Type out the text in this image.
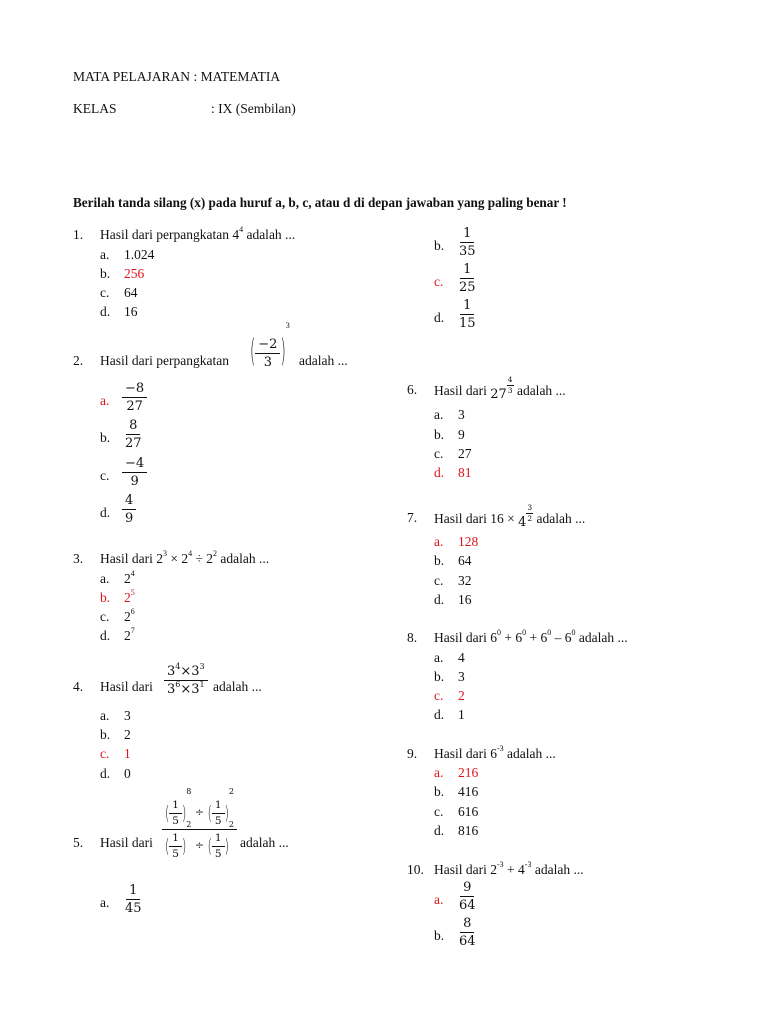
MATA PELAJARAN : MATEMATIA
KELAS	: IX (Sembilan)
Berilah tanda silang (x) pada huruf a, b, c, atau d di depan jawaban yang paling benar !
1. Hasil dari perpangkatan $4^4$ adalah ...
a. 1.024
b. 256
c. 64
d. 16
2. Hasil dari perpangkatan ( $\frac{-2}{3} )^3$
adalah ...
a. $\frac{-8}{27}$
b. $\frac{8}{27}$
c. $\frac{-4}{9}$
d. $\frac{4}{9}$
3. Hasil dari $2^3 \times 2^4 \div 2^2$ adalah ...
a. $2^4$
b. $2^5$
c. $2^6$
d. $2^7$
4. Hasil dari $\frac{3^4\times 3^3}{3^6\times 3^1}$ adalah ...
a. 3
b. 2
c. 1
d. 0
5. Hasil dari $\frac{( \frac{1}{5} )^8 \div ( \frac{1}{5} )^2}{( \frac{1}{5} )^2 \div ( \frac{1}{5} )^2}$ adalah ...
a. $\frac{1}{45}$
b. $\frac{1}{35}$
c. $\frac{1}{25}$
d. $\frac{1}{15}$
6. Hasil dari 27
$\frac{4}{3}$ adalah ...
a. 3
b. 9
c. 27
d. 81
7. Hasil dari 16 × 4
$\frac{3}{2}$ adalah ...
a. 128
b. 64
c. 32
d. 16
8. Hasil dari $6^0 + 6^0 + 6^0 - 6^0$ adalah ...
a. 4
b. 3
c. 2
d. 1
9. Hasil dari $6^{-3}$ adalah ...
a. 216
b. 416
c. 616
d. 816
10. Hasil dari $2^{-3} + 4^{-3}$ adalah ...
a. $\frac{9}{64}$
b. $\frac{8}{64}$
